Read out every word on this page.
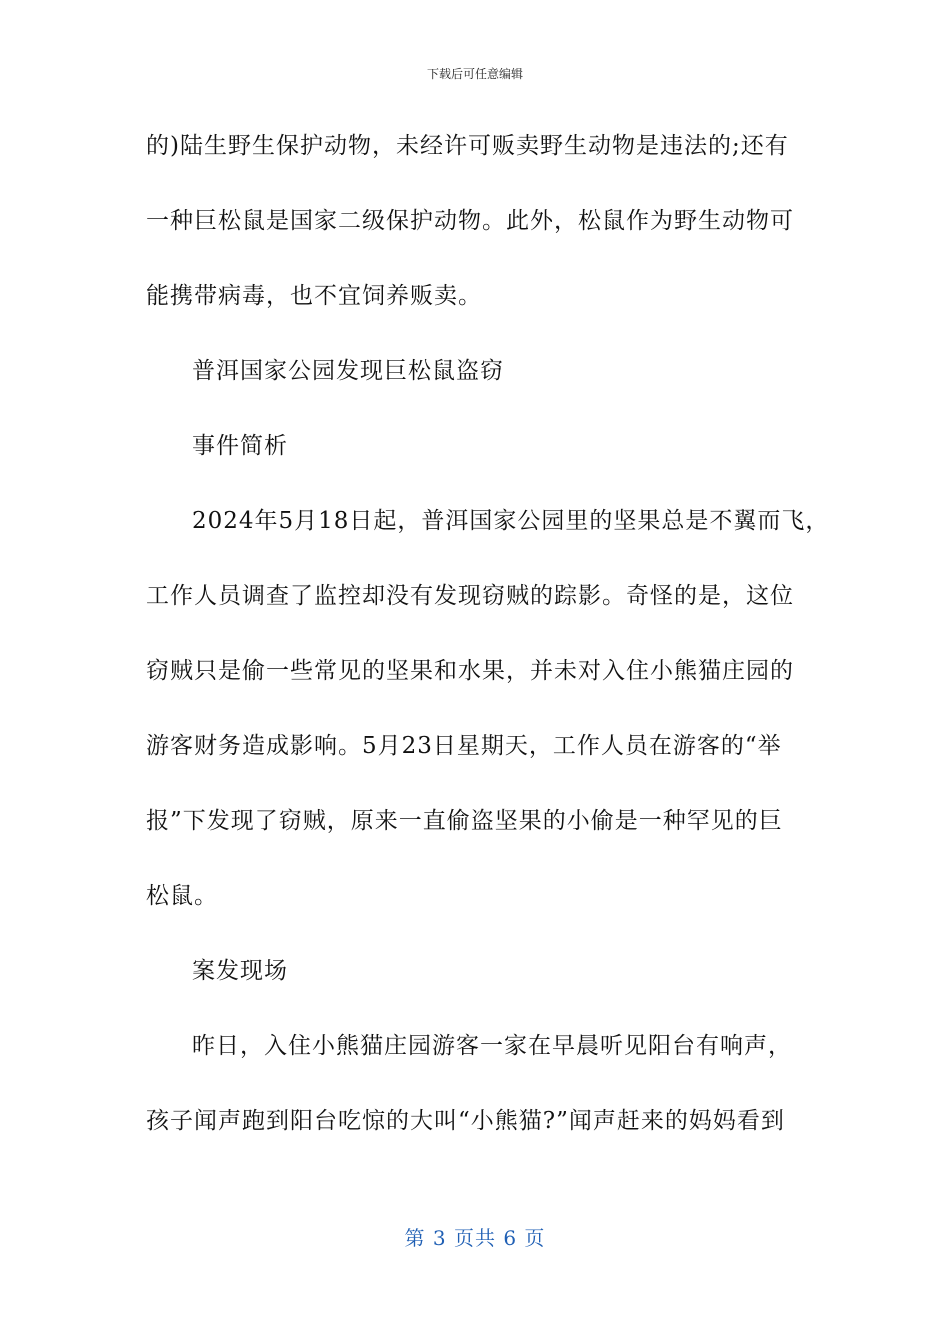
下载后可任意编辑
的)陆生野生保护动物，未经许可贩卖野生动物是违法的;还有
一种巨松鼠是国家二级保护动物。此外，松鼠作为野生动物可
能携带病毒，也不宜饲养贩卖。
普洱国家公园发现巨松鼠盗窃
事件简析
2024年5月18日起，普洱国家公园里的坚果总是不翼而飞，
工作人员调查了监控却没有发现窃贼的踪影。奇怪的是，这位
窃贼只是偷一些常见的坚果和水果，并未对入住小熊猫庄园的
游客财务造成影响。5月23日星期天，工作人员在游客的“举
报”下发现了窃贼，原来一直偷盗坚果的小偷是一种罕见的巨
松鼠。
案发现场
昨日，入住小熊猫庄园游客一家在早晨听见阳台有响声，
孩子闻声跑到阳台吃惊的大叫“小熊猫?”闻声赶来的妈妈看到
第 3 页共 6 页
